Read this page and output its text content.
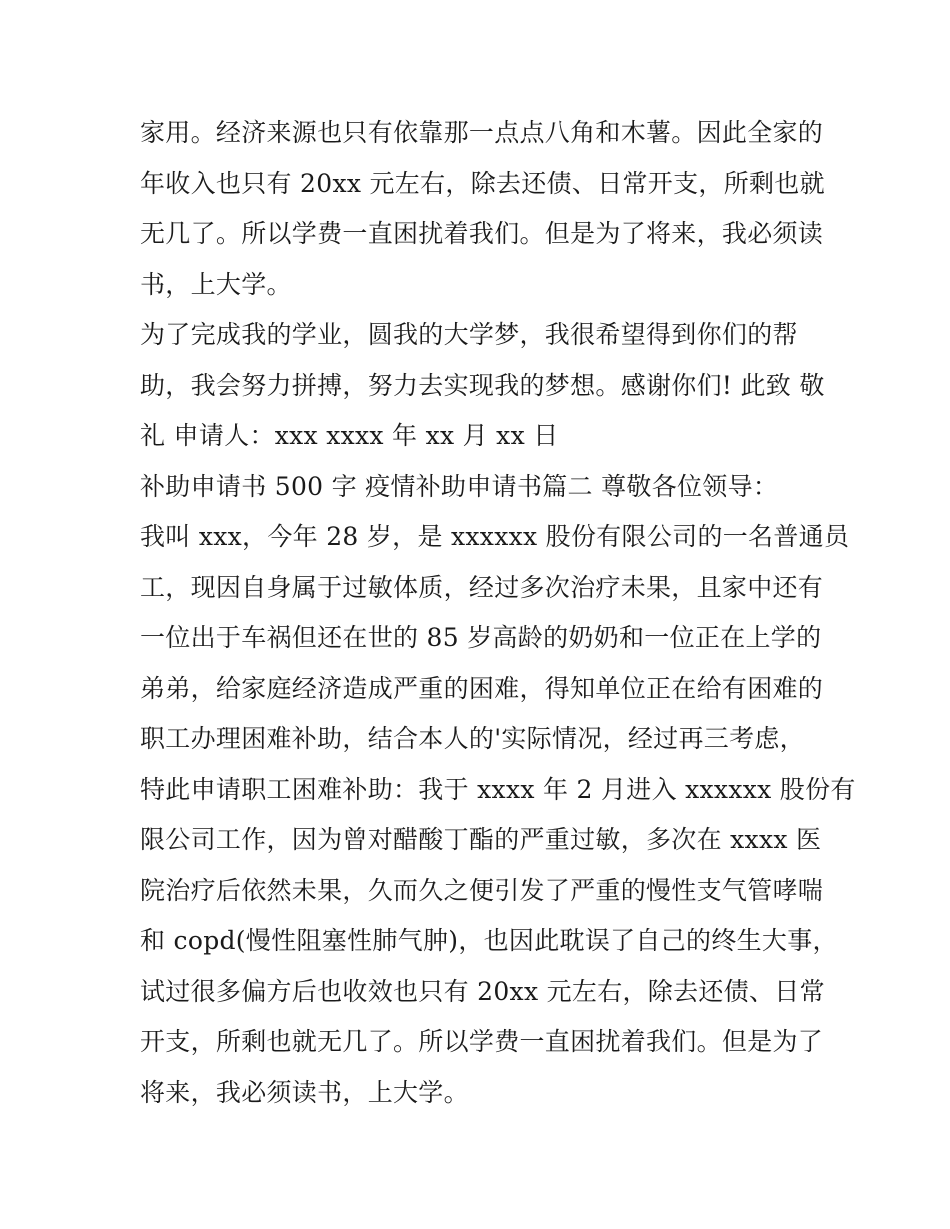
家用。经济来源也只有依靠那一点点八角和木薯。因此全家的
年收入也只有 20xx 元左右，除去还债、日常开支，所剩也就
无几了。所以学费一直困扰着我们。但是为了将来，我必须读
书，上大学。
为了完成我的学业，圆我的大学梦，我很希望得到你们的帮
助，我会努力拼搏，努力去实现我的梦想。感谢你们! 此致 敬
礼 申请人：xxx xxxx 年 xx 月 xx 日
补助申请书 500 字 疫情补助申请书篇二 尊敬各位领导：
我叫 xxx，今年 28 岁，是 xxxxxx 股份有限公司的一名普通员
工，现因自身属于过敏体质，经过多次治疗未果，且家中还有
一位出于车祸但还在世的 85 岁高龄的奶奶和一位正在上学的
弟弟，给家庭经济造成严重的困难，得知单位正在给有困难的
职工办理困难补助，结合本人的'实际情况，经过再三考虑，
特此申请职工困难补助：我于 xxxx 年 2 月进入 xxxxxx 股份有
限公司工作，因为曾对醋酸丁酯的严重过敏，多次在 xxxx 医
院治疗后依然未果，久而久之便引发了严重的慢性支气管哮喘
和 copd(慢性阻塞性肺气肿)，也因此耽误了自己的终生大事，
试过很多偏方后也收效也只有 20xx 元左右，除去还债、日常
开支，所剩也就无几了。所以学费一直困扰着我们。但是为了
将来，我必须读书，上大学。
